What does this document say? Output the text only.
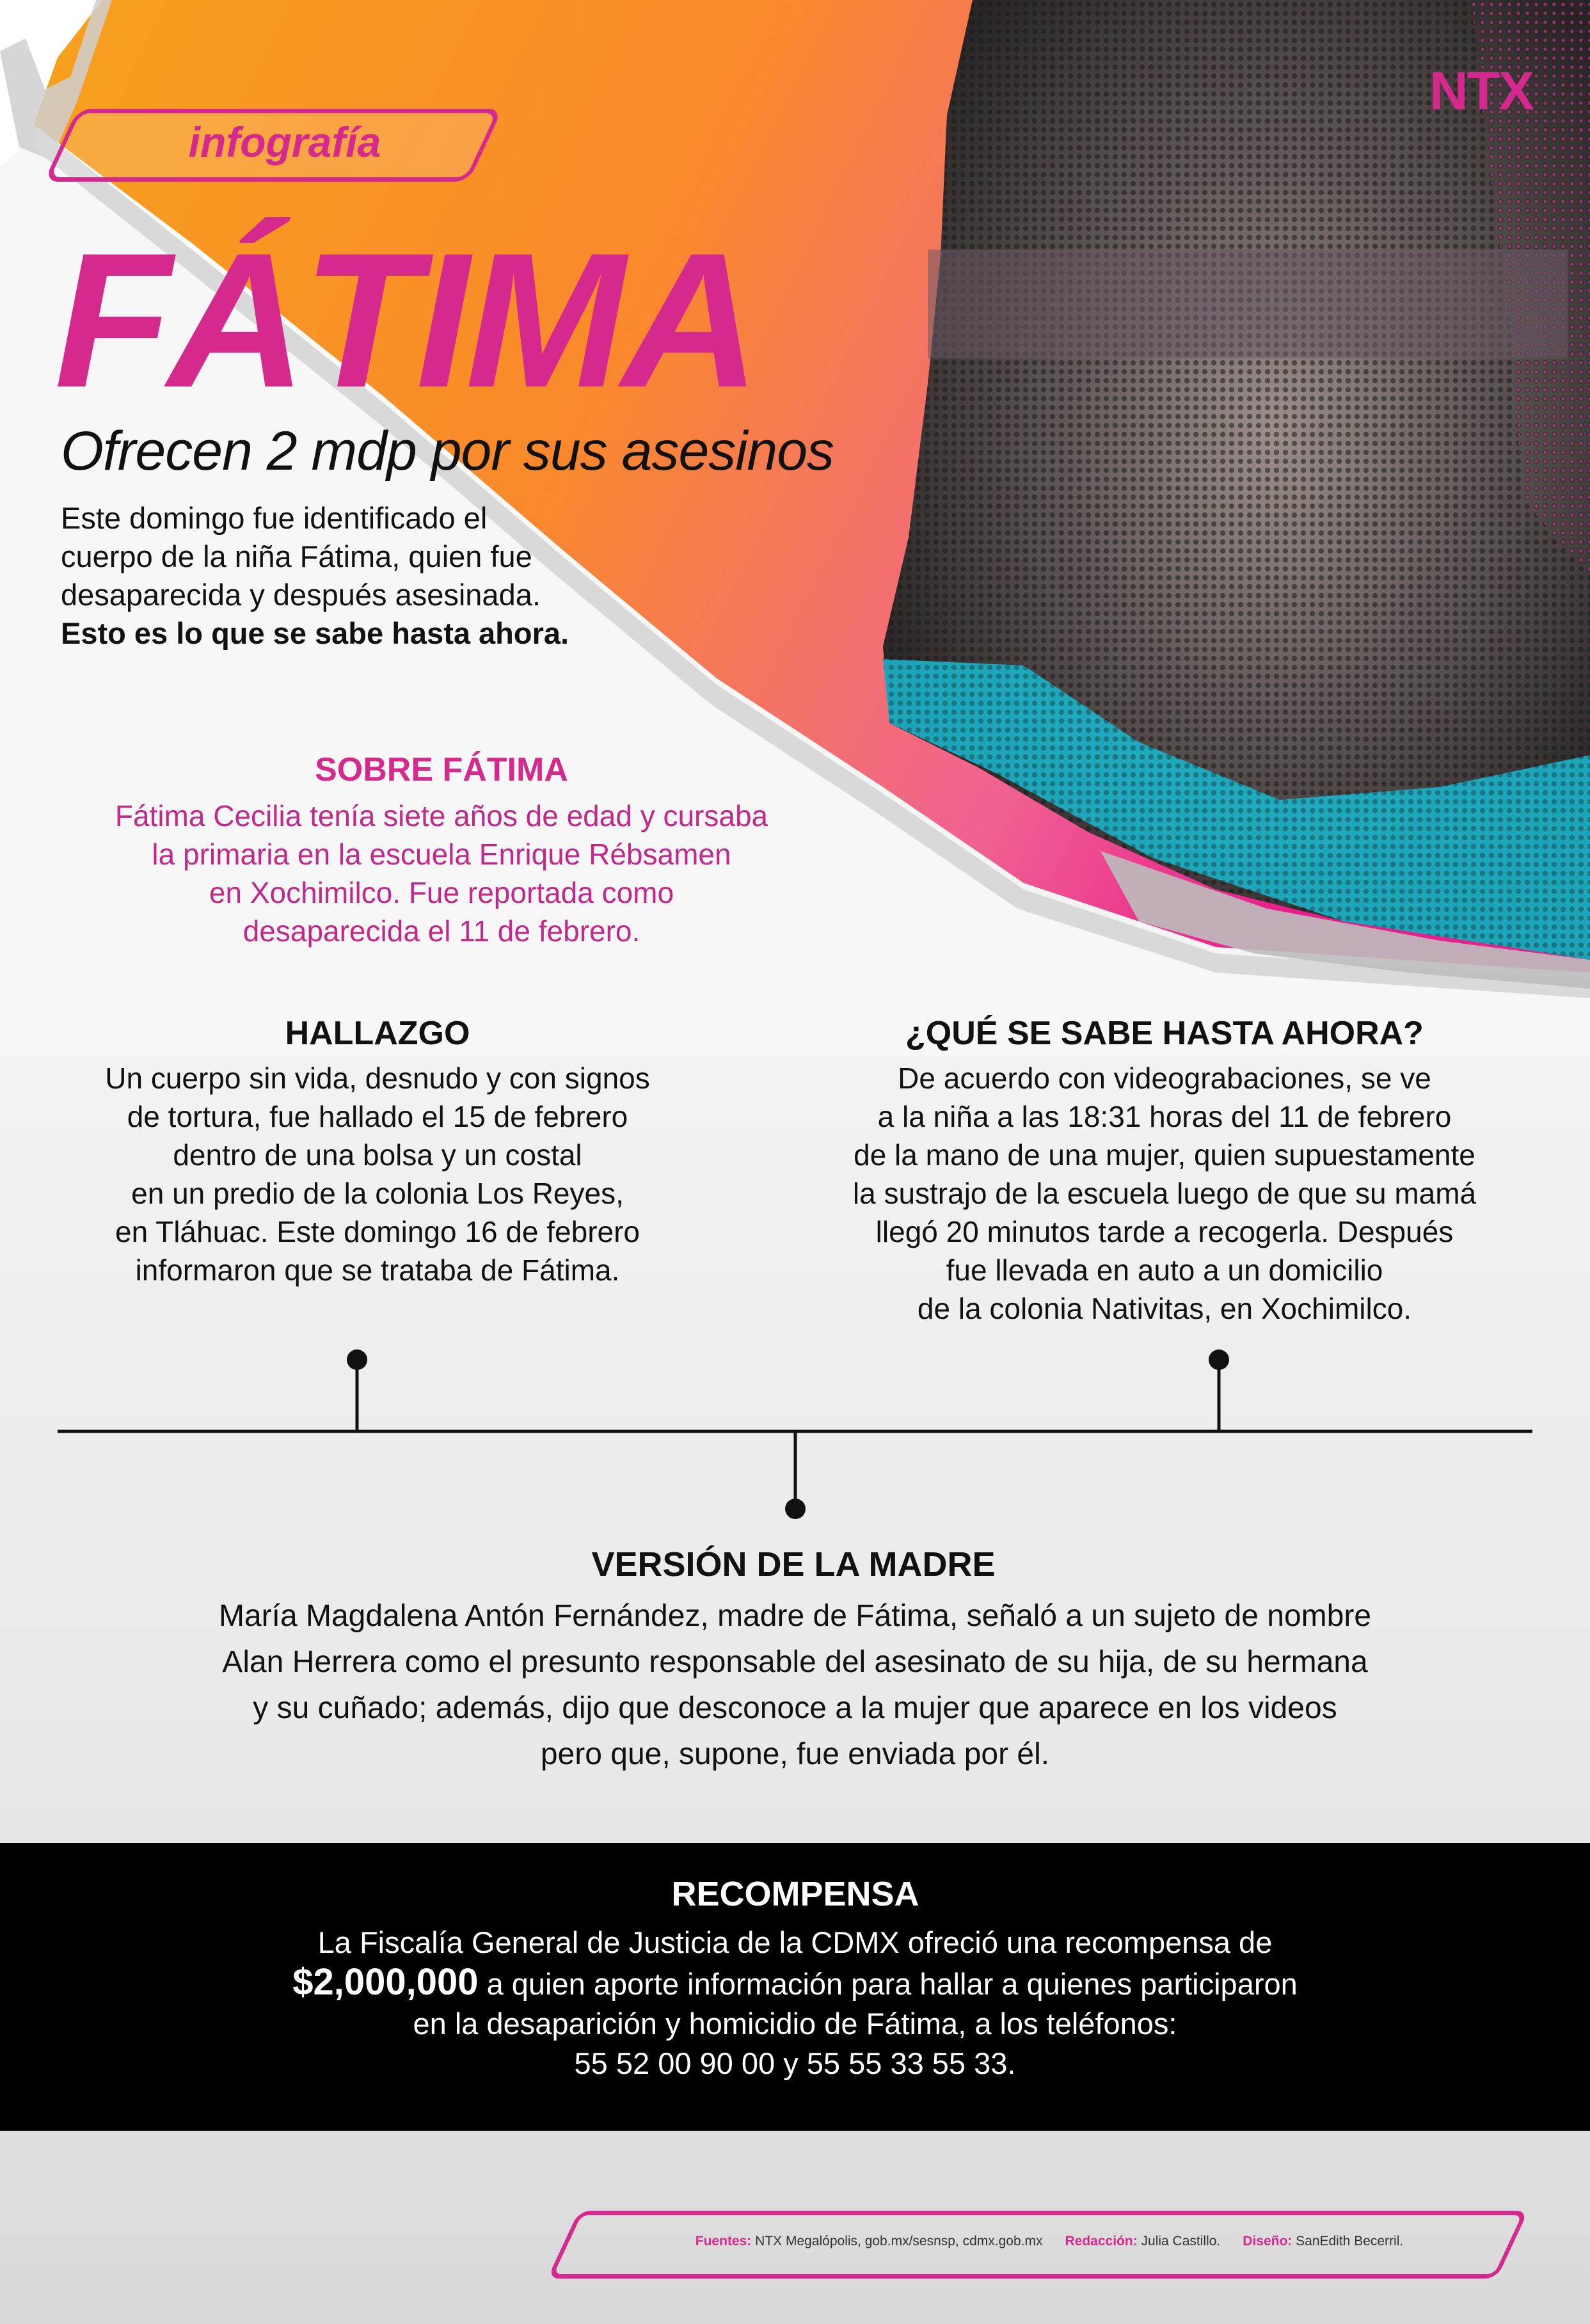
infografía
NTX
FÁTIMA
Ofrecen 2 mdp por sus asesinos
Este domingo fue identificado el cuerpo de la niña Fátima, quien fue desaparecida y después asesinada. Esto es lo que se sabe hasta ahora.
SOBRE FÁTIMA
Fátima Cecilia tenía siete años de edad y cursaba
la primaria en la escuela Enrique Rébsamen
en Xochimilco. Fue reportada como
desaparecida el 11 de febrero.
HALLAZGO
Un cuerpo sin vida, desnudo y con signos
de tortura, fue hallado el 15 de febrero
dentro de una bolsa y un costal
en un predio de la colonia Los Reyes,
en Tláhuac. Este domingo 16 de febrero
informaron que se trataba de Fátima.
¿QUÉ SE SABE HASTA AHORA?
De acuerdo con videograbaciones, se ve
a la niña a las 18:31 horas del 11 de febrero
de la mano de una mujer, quien supuestamente
la sustrajo de la escuela luego de que su mamá
llegó 20 minutos tarde a recogerla. Después
fue llevada en auto a un domicilio
de la colonia Nativitas, en Xochimilco.
VERSIÓN DE LA MADRE
María Magdalena Antón Fernández, madre de Fátima, señaló a un sujeto de nombre
Alan Herrera como el presunto responsable del asesinato de su hija, de su hermana
y su cuñado; además, dijo que desconoce a la mujer que aparece en los videos
pero que, supone, fue enviada por él.
RECOMPENSA
La Fiscalía General de Justicia de la CDMX ofreció una recompensa de
$2,000,000 a quien aporte información para hallar a quienes participaron
en la desaparición y homicidio de Fátima, a los teléfonos:
55 52 00 90 00 y 55 55 33 55 33.
Fuentes: NTX Megalópolis, gob.mx/sesnsp, cdmx.gob.mx Redacción: Julia Castillo. Diseño: SanEdith Becerril.
